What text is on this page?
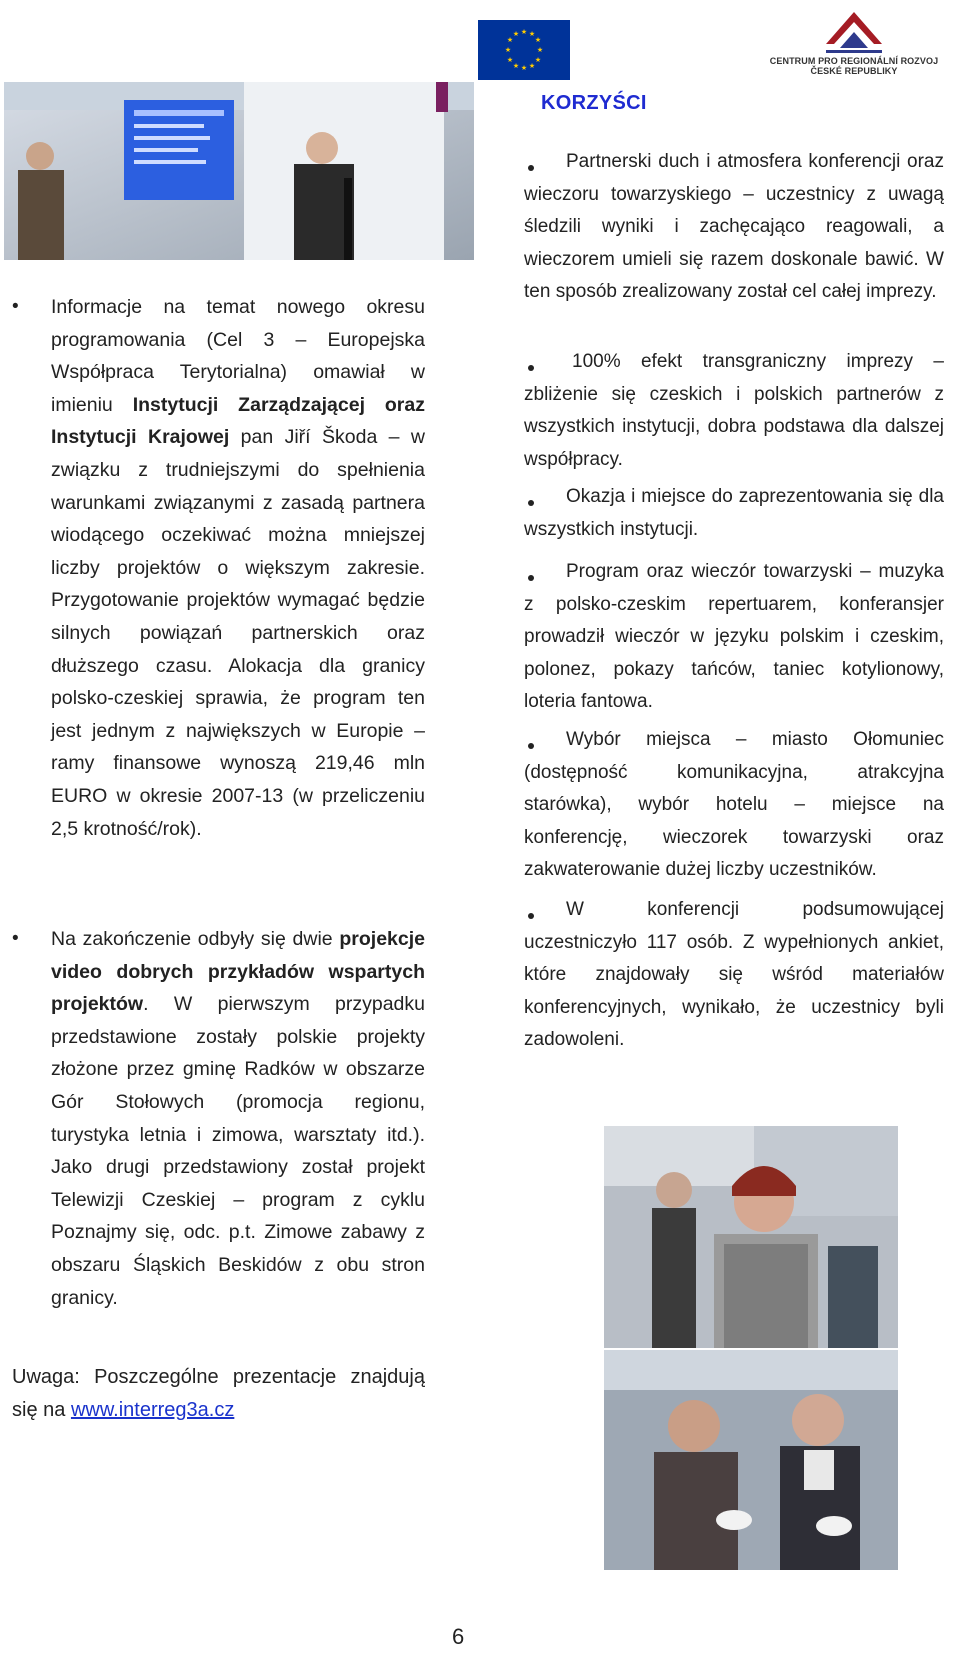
★ ★
★
★
★
★
★
★
★
★
★
★
CENTRUM PRO REGIONÁLNÍ ROZVOJ
ČESKÉ REPUBLIKY
KORZYŚCI
Partnerski duch i atmosfera konferencji oraz wieczoru towarzyskiego – uczestnicy z uwagą śledzili wyniki i zachęcająco reagowali, a wieczorem umieli się razem doskonale bawić. W ten sposób zrealizowany został cel całej imprezy.
100% efekt transgraniczny imprezy – zbliżenie się czeskich i polskich partnerów z wszystkich instytucji, dobra podstawa dla dalszej współpracy.
Okazja i miejsce do zaprezentowania się dla wszystkich instytucji.
Program oraz wieczór towarzyski – muzyka z polsko-czeskim repertuarem, konferansjer prowadził wieczór w języku polskim i czeskim, polonez, pokazy tańców, taniec kotylionowy, loteria fantowa.
Wybór miejsca – miasto Ołomuniec (dostępność komunikacyjna, atrakcyjna starówka), wybór hotelu – miejsce na konferencję, wieczorek towarzyski oraz zakwaterowanie dużej liczby uczestników.
W konferencji podsumowującej uczestniczyło 117 osób. Z wypełnionych ankiet, które znajdowały się wśród materiałów konferencyjnych, wynikało, że uczestnicy byli zadowoleni.
• Informacje na temat nowego okresu programowania (Cel 3 – Europejska Współpraca Terytorialna) omawiał w imieniu Instytucji Zarządzającej oraz Instytucji Krajowej pan Jiří Škoda – w związku z trudniejszymi do spełnienia warunkami związanymi z zasadą partnera wiodącego oczekiwać można mniejszej liczby projektów o większym zakresie. Przygotowanie projektów wymagać będzie silnych powiązań partnerskich oraz dłuższego czasu. Alokacja dla granicy polsko-czeskiej sprawia, że program ten jest jednym z największych w Europie – ramy finansowe wynoszą 219,46 mln EURO w okresie 2007-13 (w przeliczeniu 2,5 krotność/rok).
• Na zakończenie odbyły się dwie projekcje video dobrych przykładów wspartych projektów. W pierwszym przypadku przedstawione zostały polskie projekty złożone przez gminę Radków w obszarze Gór Stołowych (promocja regionu, turystyka letnia i zimowa, warsztaty itd.). Jako drugi przedstawiony został projekt Telewizji Czeskiej – program z cyklu Poznajmy się, odc. p.t. Zimowe zabawy z obszaru Śląskich Beskidów z obu stron granicy.
Uwaga: Poszczególne prezentacje znajdują się na www.interreg3a.cz
6
